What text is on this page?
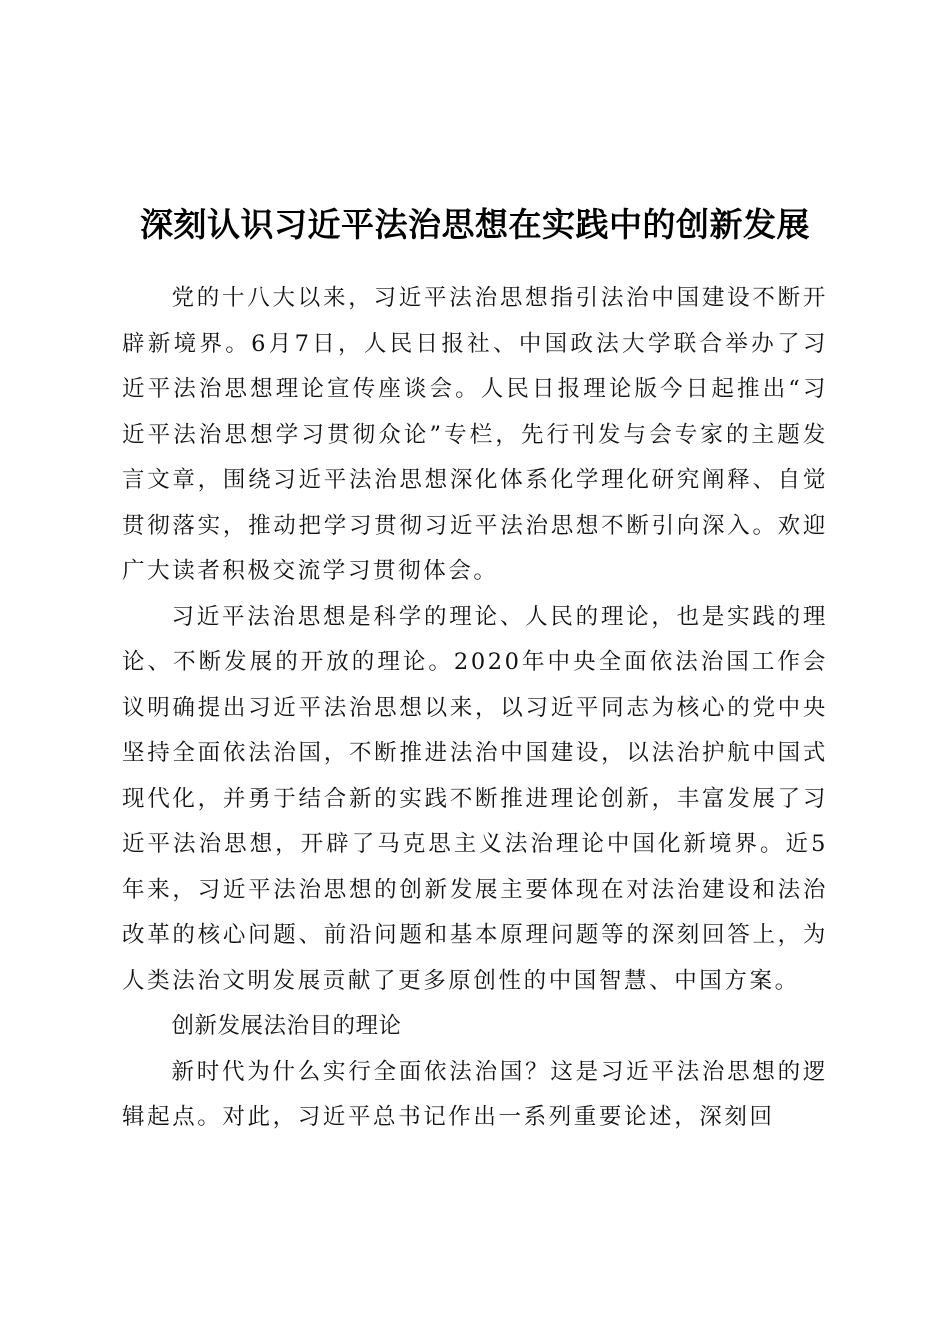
深刻认识习近平法治思想在实践中的创新发展

党的十八大以来，习近平法治思想指引法治中国建设不断开辟新境界。6月7日，人民日报社、中国政法大学联合举办了习近平法治思想理论宣传座谈会。人民日报理论版今日起推出“习近平法治思想学习贯彻众论”专栏，先行刊发与会专家的主题发言文章，围绕习近平法治思想深化体系化学理化研究阐释、自觉贯彻落实，推动把学习贯彻习近平法治思想不断引向深入。欢迎广大读者积极交流学习贯彻体会。

习近平法治思想是科学的理论、人民的理论，也是实践的理论、不断发展的开放的理论。2020年中央全面依法治国工作会议明确提出习近平法治思想以来，以习近平同志为核心的党中央坚持全面依法治国，不断推进法治中国建设，以法治护航中国式现代化，并勇于结合新的实践不断推进理论创新，丰富发展了习近平法治思想，开辟了马克思主义法治理论中国化新境界。近5年来，习近平法治思想的创新发展主要体现在对法治建设和法治改革的核心问题、前沿问题和基本原理问题等的深刻回答上，为人类法治文明发展贡献了更多原创性的中国智慧、中国方案。

创新发展法治目的理论

新时代为什么实行全面依法治国？这是习近平法治思想的逻辑起点。对此，习近平总书记作出一系列重要论述，深刻回
